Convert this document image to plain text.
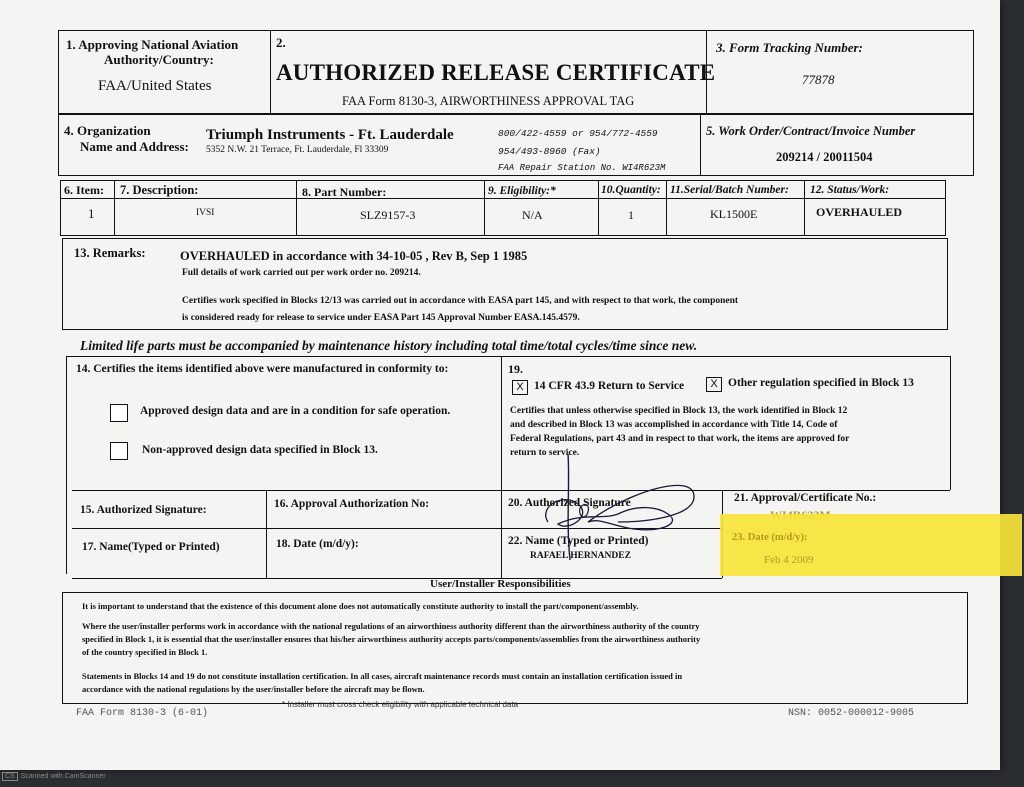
1. Approving National Aviation
Authority/Country:
FAA/United States
2.
AUTHORIZED RELEASE CERTIFICATE
FAA Form 8130-3, AIRWORTHINESS APPROVAL TAG
3. Form Tracking Number:
77878
4. Organization
Name and Address:
Triumph Instruments - Ft. Lauderdale
5352 N.W. 21 Terrace, Ft. Lauderdale, Fl 33309
800/422-4559 or 954/772-4559
954/493-8960 (Fax)
FAA Repair Station No. WI4R623M
5. Work Order/Contract/Invoice Number
209214 / 20011504
6. Item: 7. Description:	8. Part Number:	9. Eligibility:*	10.Quantity: 11.Serial/Batch Number: 12. Status/Work:
1	IVSI	SLZ9157-3	N/A	1	KL1500E	OVERHAULED
13. Remarks:	OVERHAULED in accordance with 34-10-05 , Rev B, Sep 1 1985
Full details of work carried out per work order no. 209214.
Certifies work specified in Blocks 12/13 was carried out in accordance with EASA part 145, and with respect to that work, the component
is considered ready for release to service under EASA Part 145 Approval Number EASA.145.4579.
Limited life parts must be accompanied by maintenance history including total time/total cycles/time since new.
14. Certifies the items identified above were manufactured in conformity to:
Approved design data and are in a condition for safe operation.
Non-approved design data specified in Block 13.
19.
X 14 CFR 43.9 Return to Service	X Other regulation specified in Block 13
Certifies that unless otherwise specified in Block 13, the work identified in Block 12
and described in Block 13 was accomplished in accordance with Title 14, Code of
Federal Regulations, part 43 and in respect to that work, the items are approved for
return to service.
15. Authorized Signature:	16. Approval Authorization No:	20. Authorized Signature	21. Approval/Certificate No.:
17. Name(Typed or Printed)	18. Date (m/d/y):	22. Name (Typed or Printed)
RAFAEL HERNANDEZ
23. Date (m/d/y):
Feb 4 2009
User/Installer Responsibilities
It is important to understand that the existence of this document alone does not automatically constitute authority to install the part/component/assembly.
Where the user/installer performs work in accordance with the national regulations of an airworthiness authority different than the airworthiness authority of the country
specified in Block 1, it is essential that the user/installer ensures that his/her airworthiness authority accepts parts/components/assemblies from the airworthiness authority
of the country specified in Block 1.
Statements in Blocks 14 and 19 do not constitute installation certification. In all cases, aircraft maintenance records must contain an installation certification issued in
accordance with the national regulations by the user/installer before the aircraft may be flown.
FAA Form 8130-3 (6-01)
* Installer must cross check eligibility with applicable technical data
NSN: 0052-000012-9005
CS Scanned with CamScanner
